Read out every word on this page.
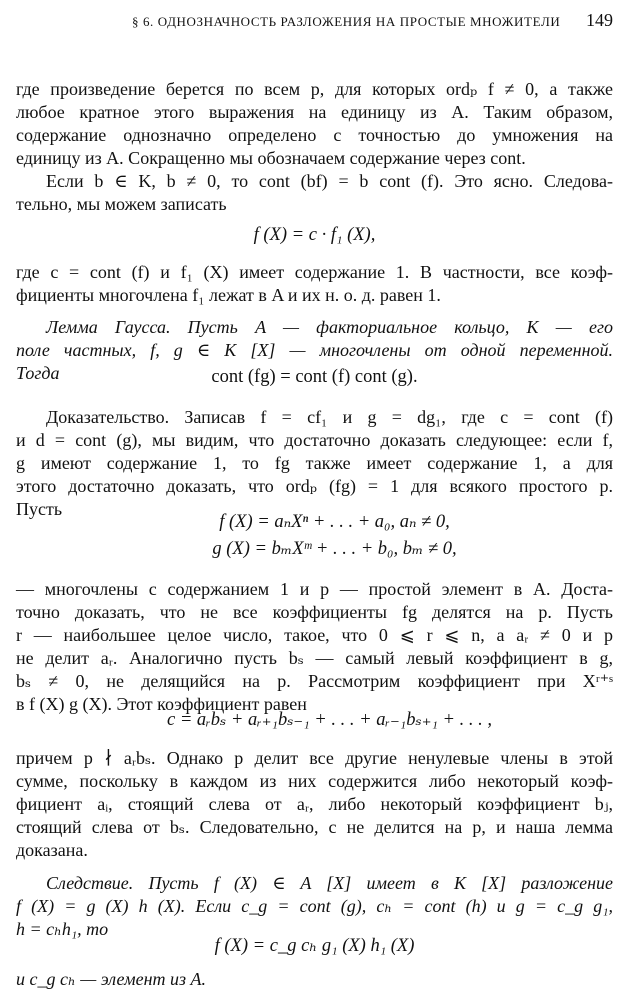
§ 6. ОДНОЗНАЧНОСТЬ РАЗЛОЖЕНИЯ НА ПРОСТЫЕ МНОЖИТЕЛИ 149
где произведение берется по всем p, для которых ordₚ f ≠ 0, а также
любое кратное этого выражения на единицу из A. Таким образом,
содержание однозначно определено с точностью до умножения на
единицу из A. Сокращенно мы обозначаем содержание через cont.
Если b ∈ K, b ≠ 0, то cont (bf) = b cont (f). Это ясно. Следова-
тельно, мы можем записать
f (X) = c · f₁ (X),
где c = cont (f) и f₁ (X) имеет содержание 1. В частности, все коэф-
фициенты многочлена f₁ лежат в A и их н. о. д. равен 1.
Лемма Гаусса. Пусть A — факториальное кольцо, K — его
поле частных, f, g ∈ K [X] — многочлены от одной переменной.
Тогда	cont (fg) = cont (f) cont (g).
Доказательство. Записав f = cf₁ и g = dg₁, где c = cont (f)
и d = cont (g), мы видим, что достаточно доказать следующее: если f,
g имеют содержание 1, то fg также имеет содержание 1, а для
этого достаточно доказать, что ordₚ (fg) = 1 для всякого простого p.
Пусть
f (X) = aₙXⁿ + . . . + a₀, aₙ ≠ 0,
g (X) = bₘXᵐ + . . . + b₀, bₘ ≠ 0,
— многочлены с содержанием 1 и p — простой элемент в A. Доста-
точно доказать, что не все коэффициенты fg делятся на p. Пусть
r — наибольшее целое число, такое, что 0 ⩽ r ⩽ n, а aᵣ ≠ 0 и p
не делит aᵣ. Аналогично пусть bₛ — самый левый коэффициент в g,
bₛ ≠ 0, не делящийся на p. Рассмотрим коэффициент при Xʳ⁺ˢ
в f (X) g (X). Этот коэффициент равен
c = aᵣbₛ + aᵣ₊₁bₛ₋₁ + . . . + aᵣ₋₁bₛ₊₁ + . . . ,
причем p ∤ aᵣbₛ. Однако p делит все другие ненулевые члены в этой
сумме, поскольку в каждом из них содержится либо некоторый коэф-
фициент aᵢ, стоящий слева от aᵣ, либо некоторый коэффициент bⱼ,
стоящий слева от bₛ. Следовательно, c не делится на p, и наша лемма
доказана.
Следствие. Пусть f (X) ∈ A [X] имеет в K [X] разложение
f (X) = g (X) h (X). Если c_g = cont (g), cₕ = cont (h) и g = c_g g₁,
h = cₕh₁, то
f (X) = c_g cₕ g₁ (X) h₁ (X)
и c_g cₕ — элемент из A.
